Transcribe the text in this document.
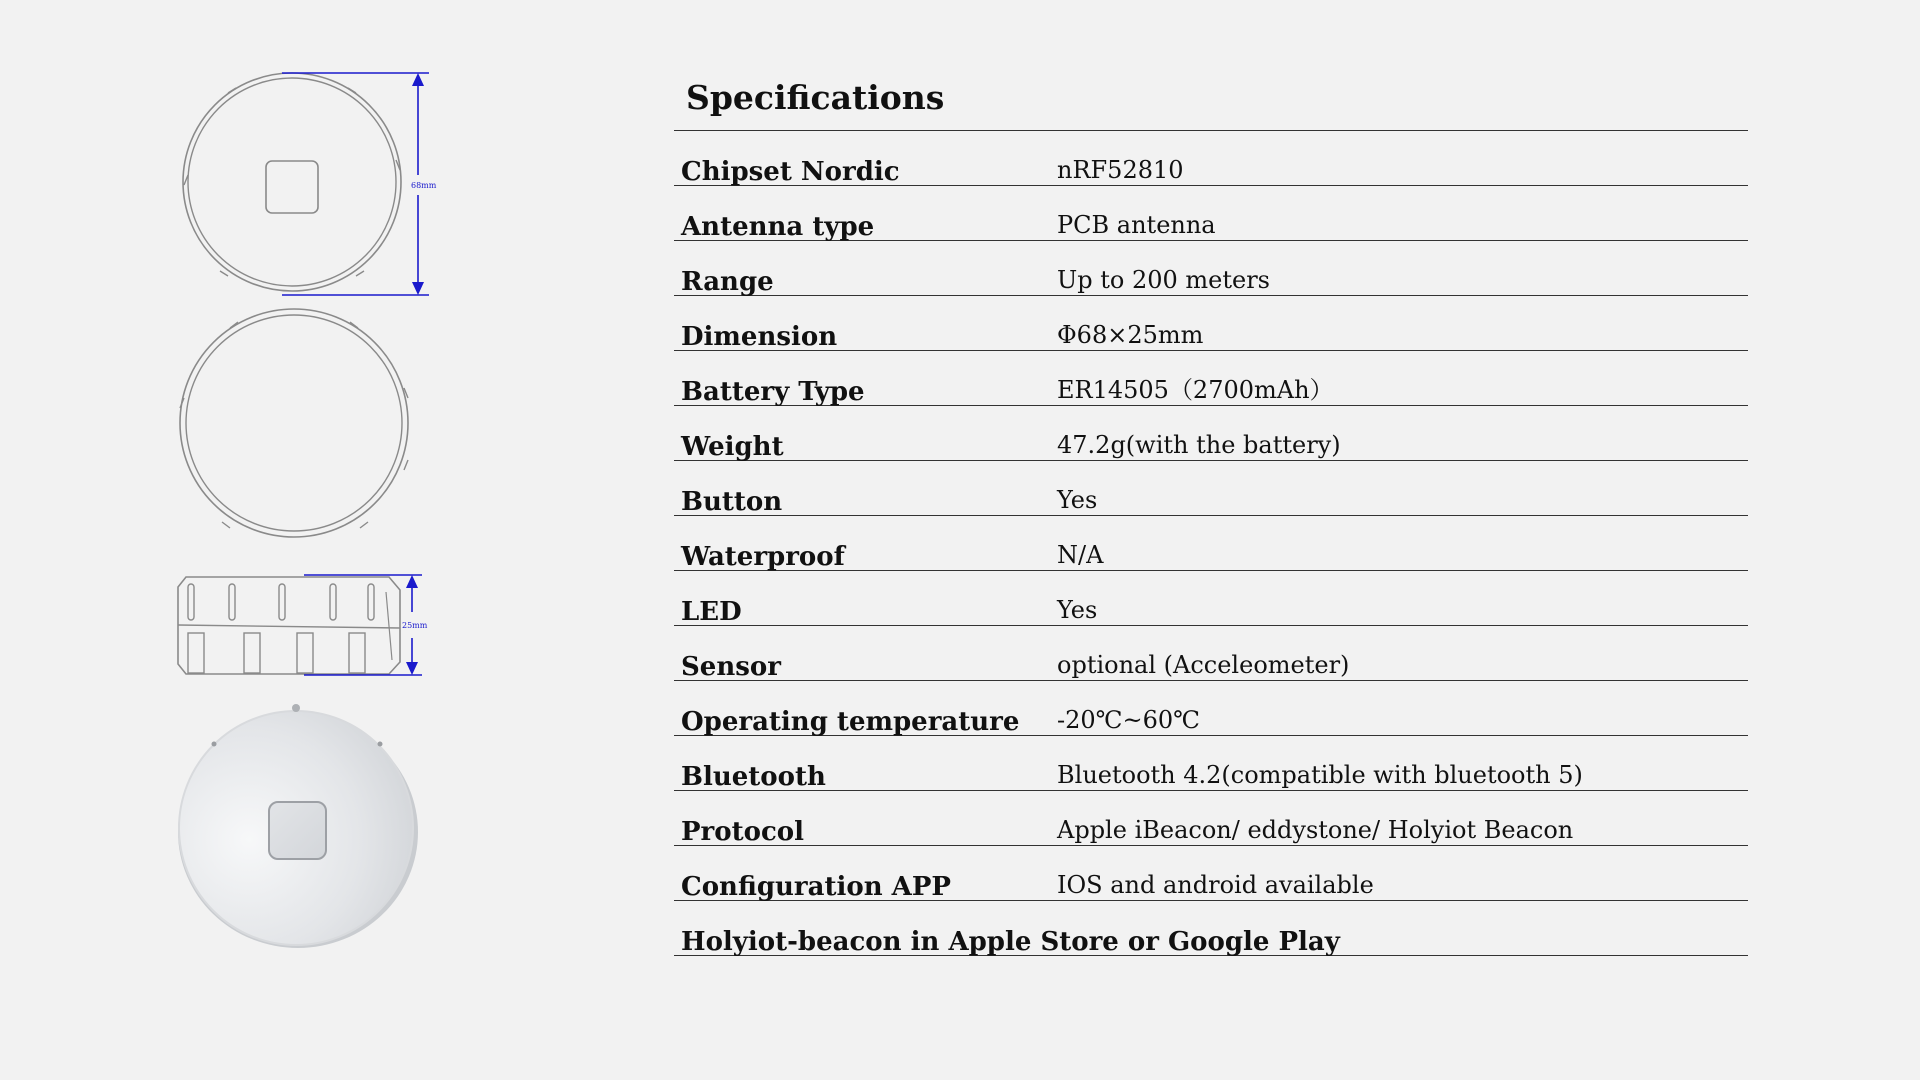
68mm
25mm
Specifications
Chipset Nordic	nRF52810
Antenna type	PCB antenna
Range	Up to 200 meters
Dimension	Φ68×25mm
Battery Type	ER14505（2700mAh）
Weight	47.2g(with the battery)
Button	Yes
Waterproof	N/A
LED	Yes
Sensor	optional (Acceleometer)
Operating temperature -20℃~60℃
Bluetooth	Bluetooth 4.2(compatible with bluetooth 5)
Protocol	Apple iBeacon/ eddystone/ Holyiot Beacon
Configuration APP	IOS and android available
Holyiot-beacon in Apple Store or Google Play
